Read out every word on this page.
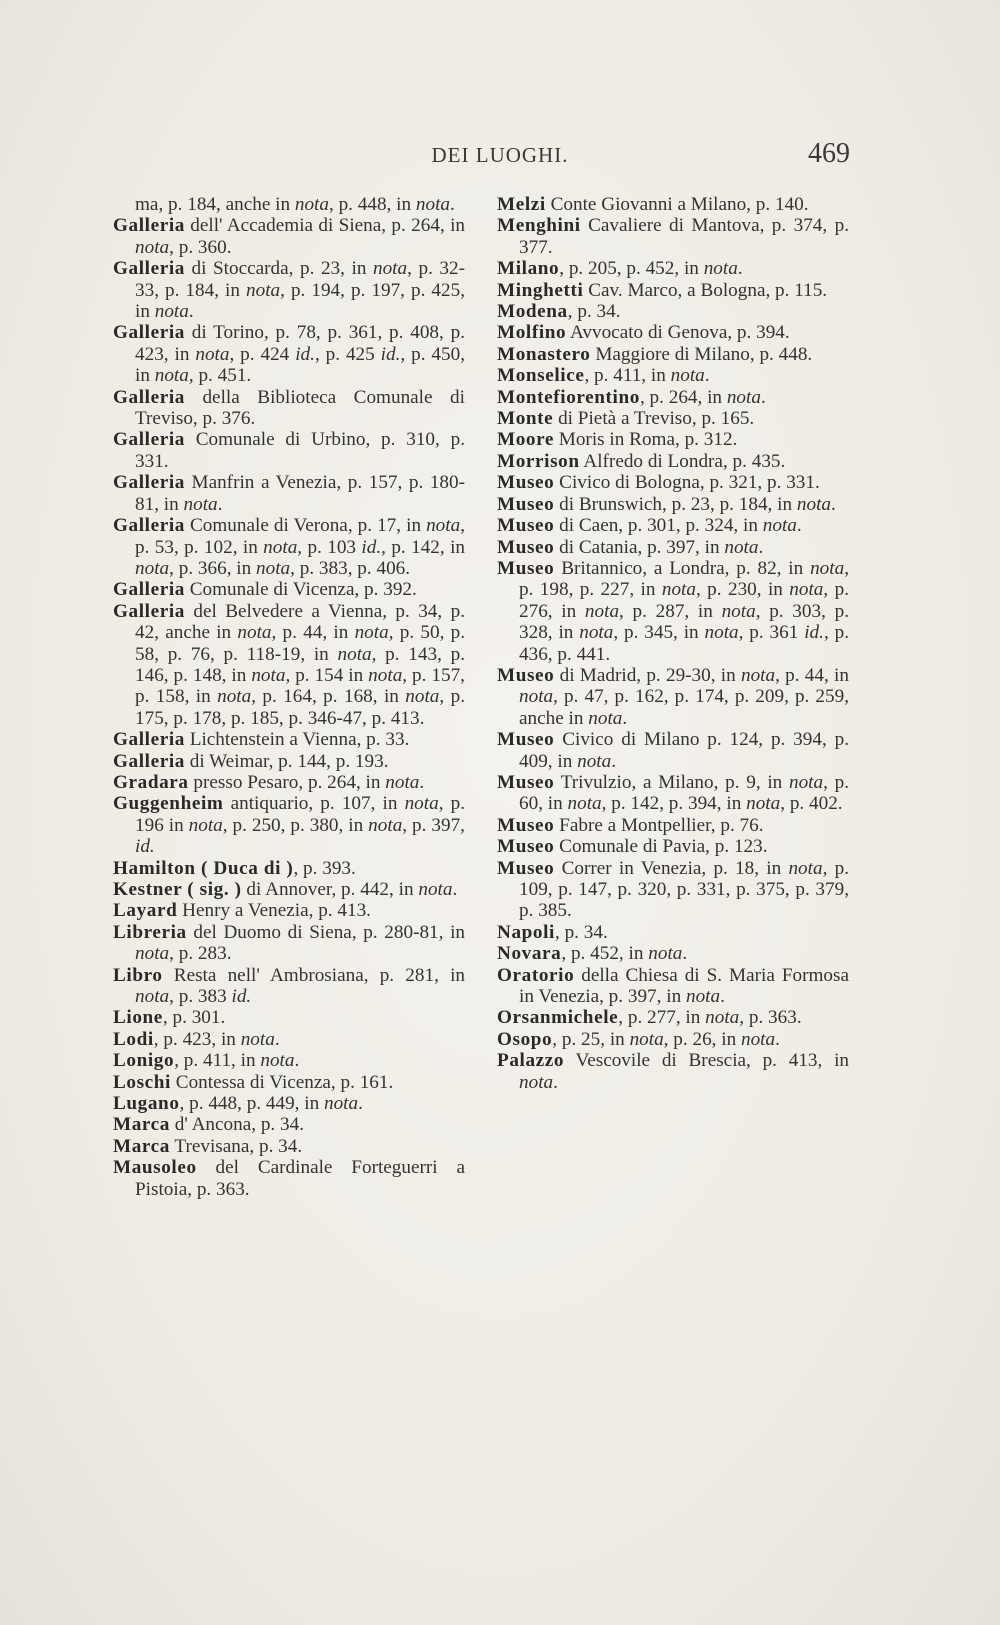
DEI LUOGHI.	469

ma, p. 184, anche in nota, p. 448, in nota.

Galleria dell' Accademia di Siena, p. 264, in nota, p. 360.

Galleria di Stoccarda, p. 23, in nota, p. 32-33, p. 184, in nota, p. 194, p. 197, p. 425, in nota.

Galleria di Torino, p. 78, p. 361, p. 408, p. 423, in nota, p. 424 id., p. 425 id., p. 450, in nota, p. 451.

Galleria della Biblioteca Comunale di Treviso, p. 376.

Galleria Comunale di Urbino, p. 310, p. 331.

Galleria Manfrin a Venezia, p. 157, p. 180-81, in nota.

Galleria Comunale di Verona, p. 17, in nota, p. 53, p. 102, in nota, p. 103 id., p. 142, in nota, p. 366, in nota, p. 383, p. 406.

Galleria Comunale di Vicenza, p. 392.

Galleria del Belvedere a Vienna, p. 34, p. 42, anche in nota, p. 44, in nota, p. 50, p. 58, p. 76, p. 118-19, in nota, p. 143, p. 146, p. 148, in nota, p. 154 in nota, p. 157, p. 158, in nota, p. 164, p. 168, in nota, p. 175, p. 178, p. 185, p. 346-47, p. 413.

Galleria Lichtenstein a Vienna, p. 33.

Galleria di Weimar, p. 144, p. 193.

Gradara presso Pesaro, p. 264, in nota.

Guggenheim antiquario, p. 107, in nota, p. 196 in nota, p. 250, p. 380, in nota, p. 397, id.

Hamilton ( Duca di ), p. 393.

Kestner ( sig. ) di Annover, p. 442, in nota.

Layard Henry a Venezia, p. 413.

Libreria del Duomo di Siena, p. 280-81, in nota, p. 283.

Libro Resta nell' Ambrosiana, p. 281, in nota, p. 383 id.

Lione, p. 301.

Lodi, p. 423, in nota.

Lonigo, p. 411, in nota.

Loschi Contessa di Vicenza, p. 161.

Lugano, p. 448, p. 449, in nota.

Marca d' Ancona, p. 34.

Marca Trevisana, p. 34.

Mausoleo del Cardinale Forteguerri a Pistoia, p. 363.

Melzi Conte Giovanni a Milano, p. 140.

Menghini Cavaliere di Mantova, p. 374, p. 377.

Milano, p. 205, p. 452, in nota.

Minghetti Cav. Marco, a Bologna, p. 115.

Modena, p. 34.

Molfino Avvocato di Genova, p. 394.

Monastero Maggiore di Milano, p. 448.

Monselice, p. 411, in nota.

Montefiorentino, p. 264, in nota.

Monte di Pietà a Treviso, p. 165.

Moore Moris in Roma, p. 312.

Morrison Alfredo di Londra, p. 435.

Museo Civico di Bologna, p. 321, p. 331.

Museo di Brunswich, p. 23, p. 184, in nota.

Museo di Caen, p. 301, p. 324, in nota.

Museo di Catania, p. 397, in nota.

Museo Britannico, a Londra, p. 82, in nota, p. 198, p. 227, in nota, p. 230, in nota, p. 276, in nota, p. 287, in nota, p. 303, p. 328, in nota, p. 345, in nota, p. 361 id., p. 436, p. 441.

Museo di Madrid, p. 29-30, in nota, p. 44, in nota, p. 47, p. 162, p. 174, p. 209, p. 259, anche in nota.

Museo Civico di Milano p. 124, p. 394, p. 409, in nota.

Museo Trivulzio, a Milano, p. 9, in nota, p. 60, in nota, p. 142, p. 394, in nota, p. 402.

Museo Fabre a Montpellier, p. 76.

Museo Comunale di Pavia, p. 123.

Museo Correr in Venezia, p. 18, in nota, p. 109, p. 147, p. 320, p. 331, p. 375, p. 379, p. 385.

Napoli, p. 34.

Novara, p. 452, in nota.

Oratorio della Chiesa di S. Maria Formosa in Venezia, p. 397, in nota.

Orsanmichele, p. 277, in nota, p. 363.

Osopo, p. 25, in nota, p. 26, in nota.

Palazzo Vescovile di Brescia, p. 413, in nota.
